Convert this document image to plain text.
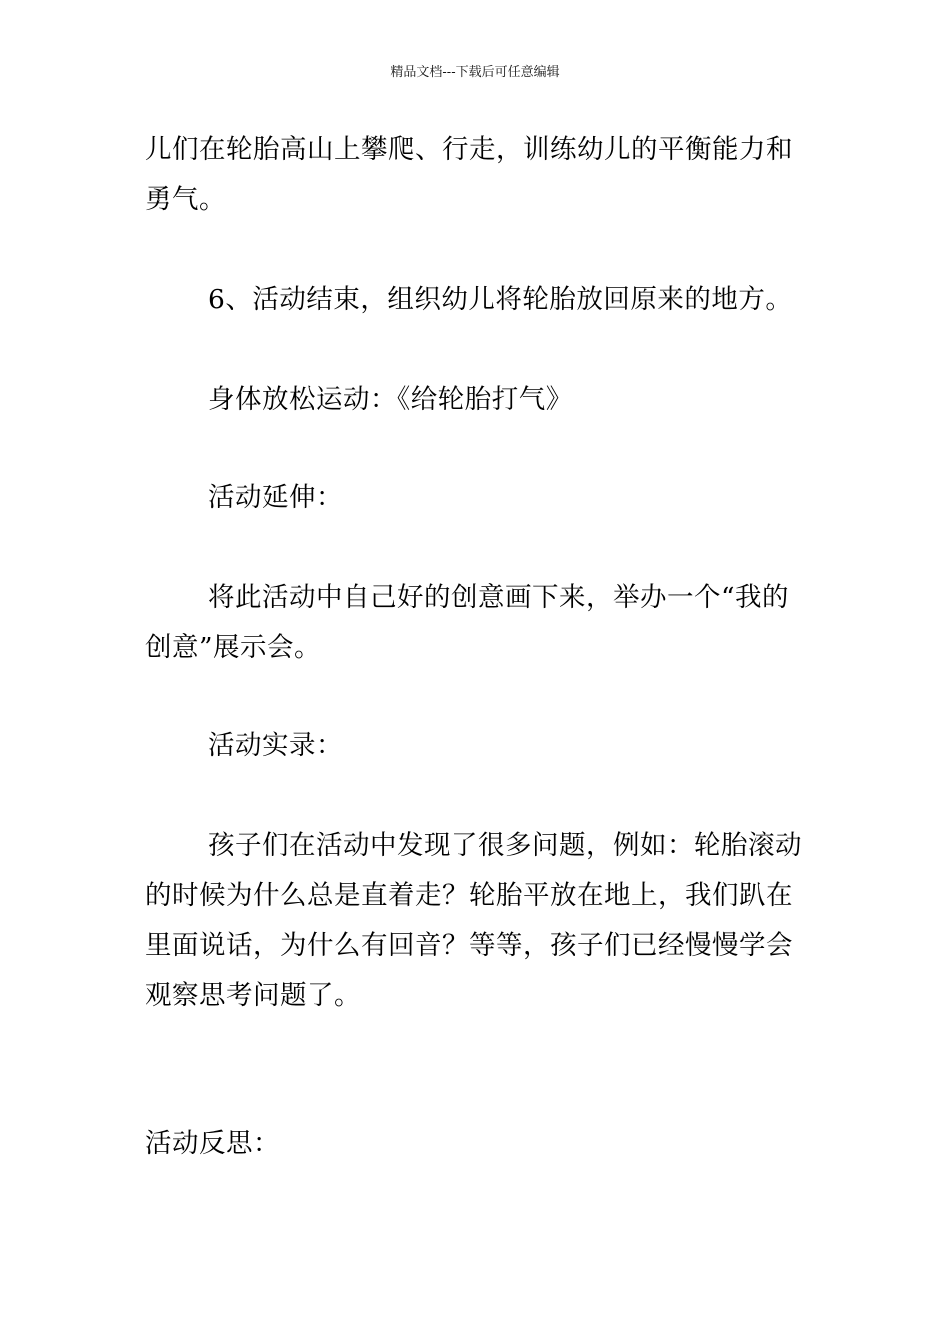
精品文档---下载后可任意编辑

儿们在轮胎高山上攀爬、行走，训练幼儿的平衡能力和勇气。

6、活动结束，组织幼儿将轮胎放回原来的地方。

身体放松运动：《给轮胎打气》

活动延伸：

将此活动中自己好的创意画下来，举办一个“我的创意”展示会。

活动实录：

孩子们在活动中发现了很多问题，例如：轮胎滚动的时候为什么总是直着走？轮胎平放在地上，我们趴在里面说话，为什么有回音？等等，孩子们已经慢慢学会观察思考问题了。

活动反思：
